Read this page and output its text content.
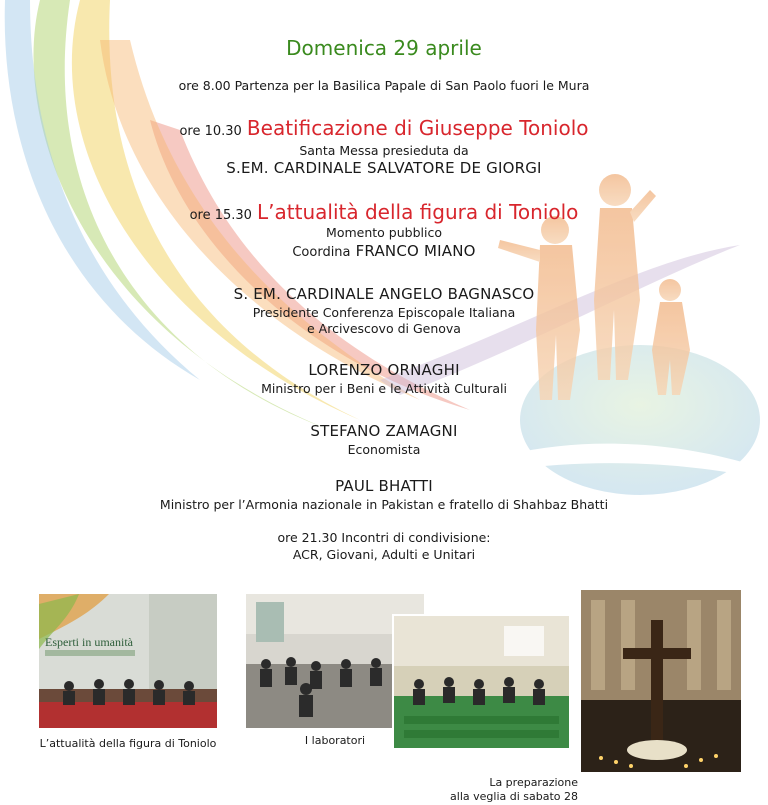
Domenica 29 aprile
ore 8.00 Partenza per la Basilica Papale di San Paolo fuori le Mura
ore 10.30 Beatificazione di Giuseppe Toniolo
Santa Messa presieduta da
S.EM. CARDINALE SALVATORE DE GIORGI
ore 15.30 L’attualità della figura di Toniolo
Momento pubblico
Coordina FRANCO MIANO
S. EM. CARDINALE ANGELO BAGNASCO
Presidente Conferenza Episcopale Italiana
e Arcivescovo di Genova
LORENZO ORNAGHI
Ministro per i Beni e le Attività Culturali
STEFANO ZAMAGNI
Economista
PAUL BHATTI
Ministro per l’Armonia nazionale in Pakistan e fratello di Shahbaz Bhatti
ore 21.30 Incontri di condivisione:
ACR, Giovani, Adulti e Unitari
Esperti in umanità
L’attualità della figura di Toniolo	I laboratori
La preparazione
alla veglia di sabato 28
